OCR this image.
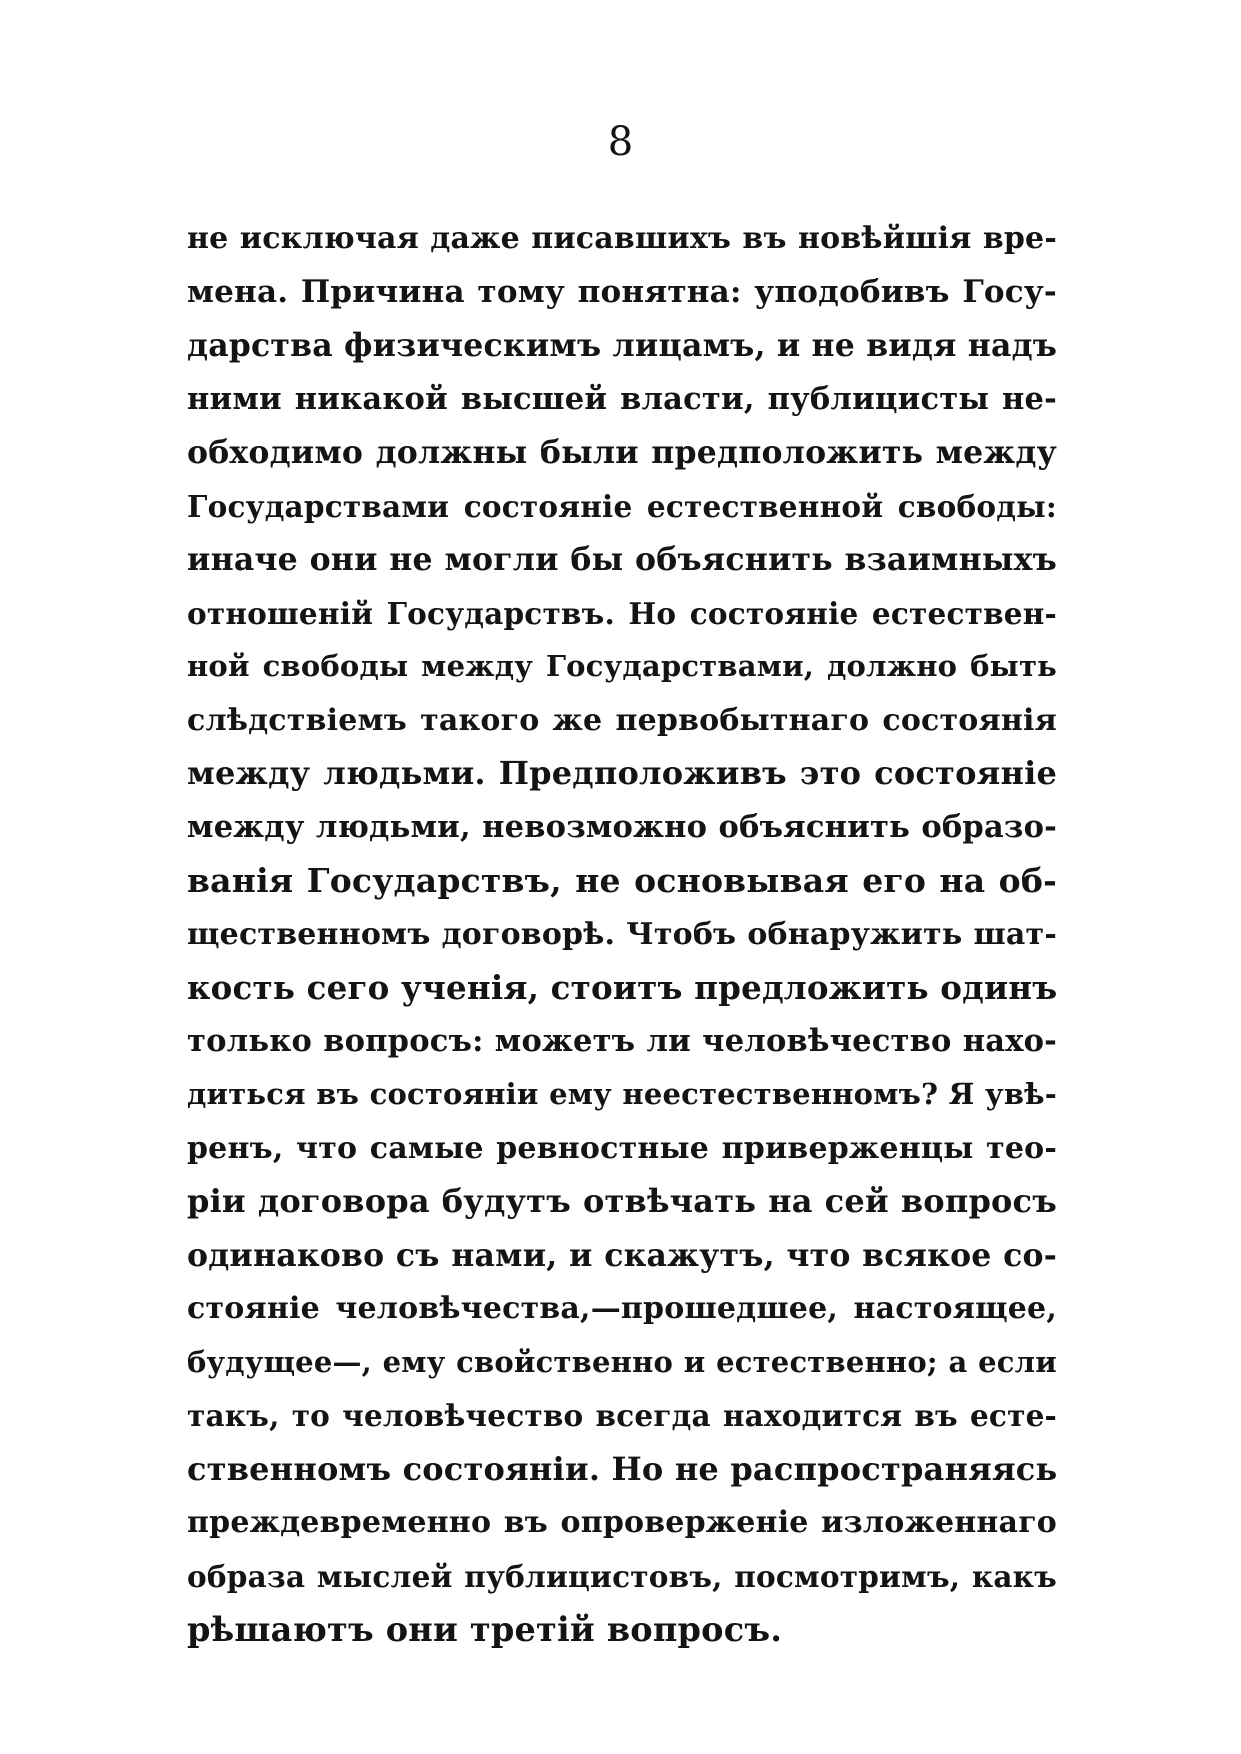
8
не исключая даже писавшихъ въ новѣйшія вре-
мена. Причина тому понятна: уподобивъ Госу-
дарства физическимъ лицамъ, и не видя надъ
ними никакой высшей власти, публицисты не-
обходимо должны были предположить между
Государствами состояніе естественной свободы:
иначе они не могли бы объяснить взаимныхъ
отношеній Государствъ. Но состояніе естествен-
ной свободы между Государствами, должно быть
слѣдствіемъ такого же первобытнаго состоянія
между людьми. Предположивъ это состояніе
между людьми, невозможно объяснить образо-
ванія Государствъ, не основывая его на об-
щественномъ договорѣ. Чтобъ обнаружить шат-
кость сего ученія, стоитъ предложить одинъ
только вопросъ: можетъ ли человѣчество нахо-
диться въ состояніи ему неестественномъ? Я увѣ-
ренъ, что самые ревностные приверженцы тео-
ріи договора будутъ отвѣчать на сей вопросъ
одинаково съ нами, и скажутъ, что всякое со-
стояніе человѣчества,—прошедшее, настоящее,
будущее—, ему свойственно и естественно; а если
такъ, то человѣчество всегда находится въ есте-
ственномъ состояніи. Но не распространяясь
преждевременно въ опроверженіе изложеннаго
образа мыслей публицистовъ, посмотримъ, какъ
рѣшаютъ они третій вопросъ.
